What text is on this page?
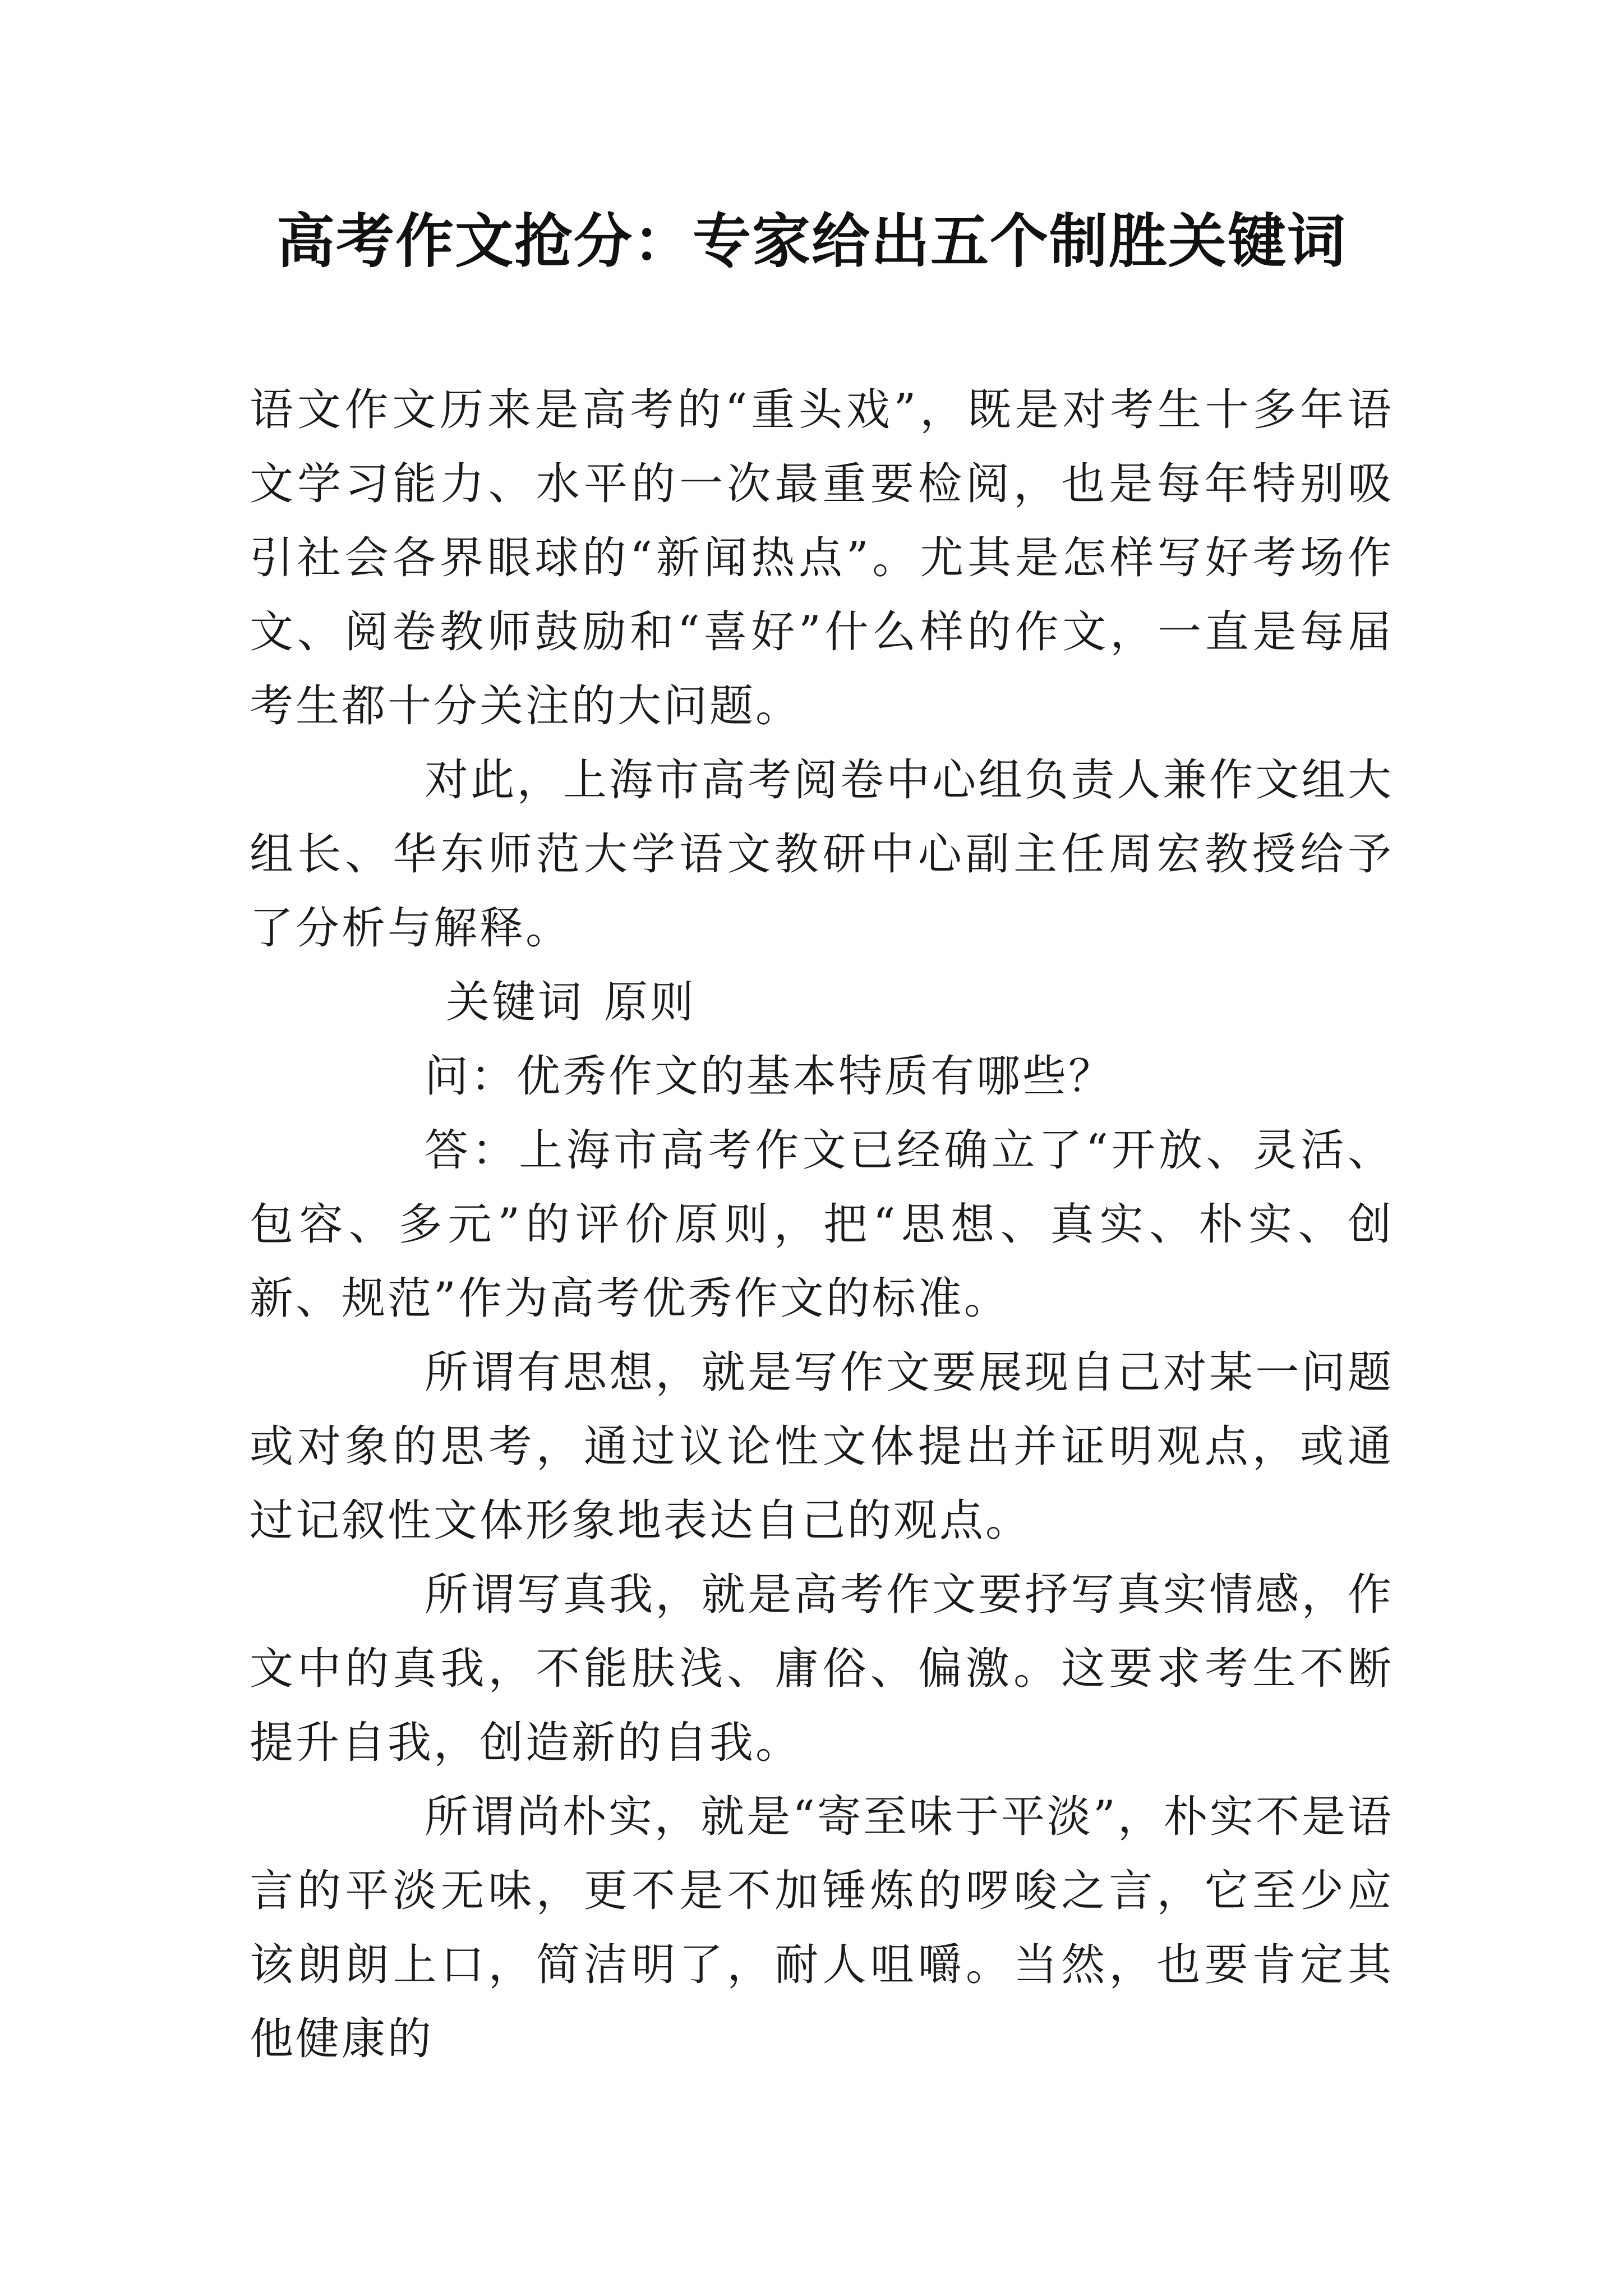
高考作文抢分：专家给出五个制胜关键词

语文作文历来是高考的“重头戏”，既是对考生十多年语文学习能力、水平的一次最重要检阅，也是每年特别吸引社会各界眼球的“新闻热点”。尤其是怎样写好考场作文、阅卷教师鼓励和“喜好”什么样的作文，一直是每届考生都十分关注的大问题。

对此，上海市高考阅卷中心组负责人兼作文组大组长、华东师范大学语文教研中心副主任周宏教授给予了分析与解释。

关键词 原则

问：优秀作文的基本特质有哪些？

答：上海市高考作文已经确立了“开放、灵活、包容、多元”的评价原则，把“思想、真实、朴实、创新、规范”作为高考优秀作文的标准。

所谓有思想，就是写作文要展现自己对某一问题或对象的思考，通过议论性文体提出并证明观点，或通过记叙性文体形象地表达自己的观点。

所谓写真我，就是高考作文要抒写真实情感，作文中的真我，不能肤浅、庸俗、偏激。这要求考生不断提升自我，创造新的自我。

所谓尚朴实，就是“寄至味于平淡”，朴实不是语言的平淡无味，更不是不加锤炼的啰唆之言，它至少应该朗朗上口，简洁明了，耐人咀嚼。当然，也要肯定其他健康的
